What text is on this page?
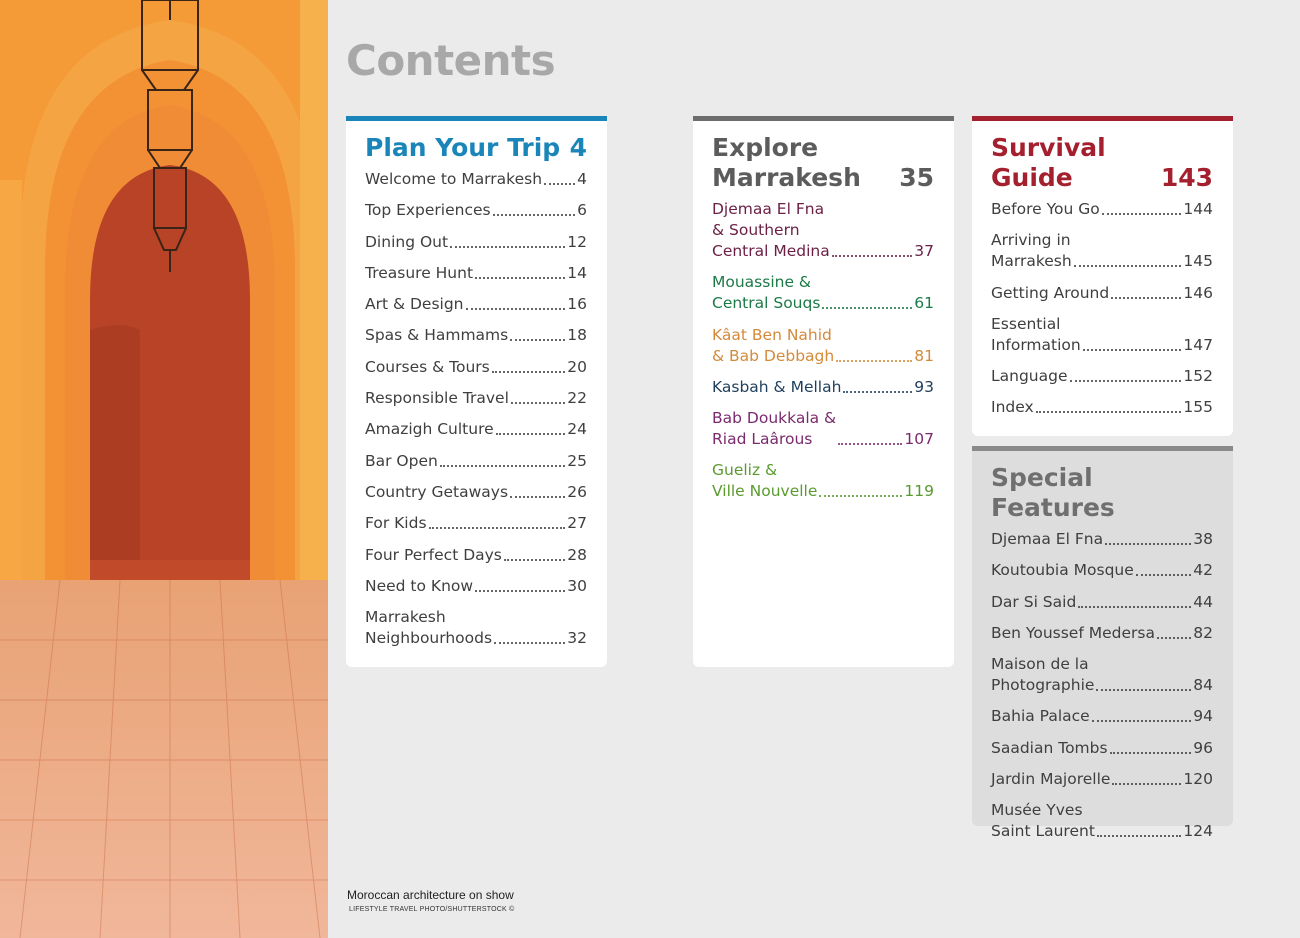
Contents
Plan Your Trip 4
Welcome to Marrakesh 4
Top Experiences	6
Dining Out	12
Treasure Hunt	14
Art & Design	16
Spas & Hammams	18
Courses & Tours	20
Responsible Travel	22
Amazigh Culture	24
Bar Open	25
Country Getaways	26
For Kids	27
Four Perfect Days	28
Need to Know	30
Marrakesh
Neighbourhoods	32
Explore
Marrakesh 35
Djemaa El Fna
& Southern
Central Medina	37
Mouassine &
Central Souqs	61
Kâat Ben Nahid
& Bab Debbagh	81
Kasbah & Mellah	93
Bab Doukkala &
Riad Laârous	107
Gueliz &
Ville Nouvelle	119
Survival
Guide	143
Before You Go	144
Arriving in
Marrakesh	145
Getting Around	146
Essential
Information	147
Language	152
Index	155
Special Features
Djemaa El Fna	38
Koutoubia Mosque	42
Dar Si Said	44
Ben Youssef Medersa 82
Maison de la
Photographie	84
Bahia Palace	94
Saadian Tombs	96
Jardin Majorelle	120
Musée Yves
Saint Laurent	124
Moroccan architecture on show
LIFESTYLE TRAVEL PHOTO/SHUTTERSTOCK ©
